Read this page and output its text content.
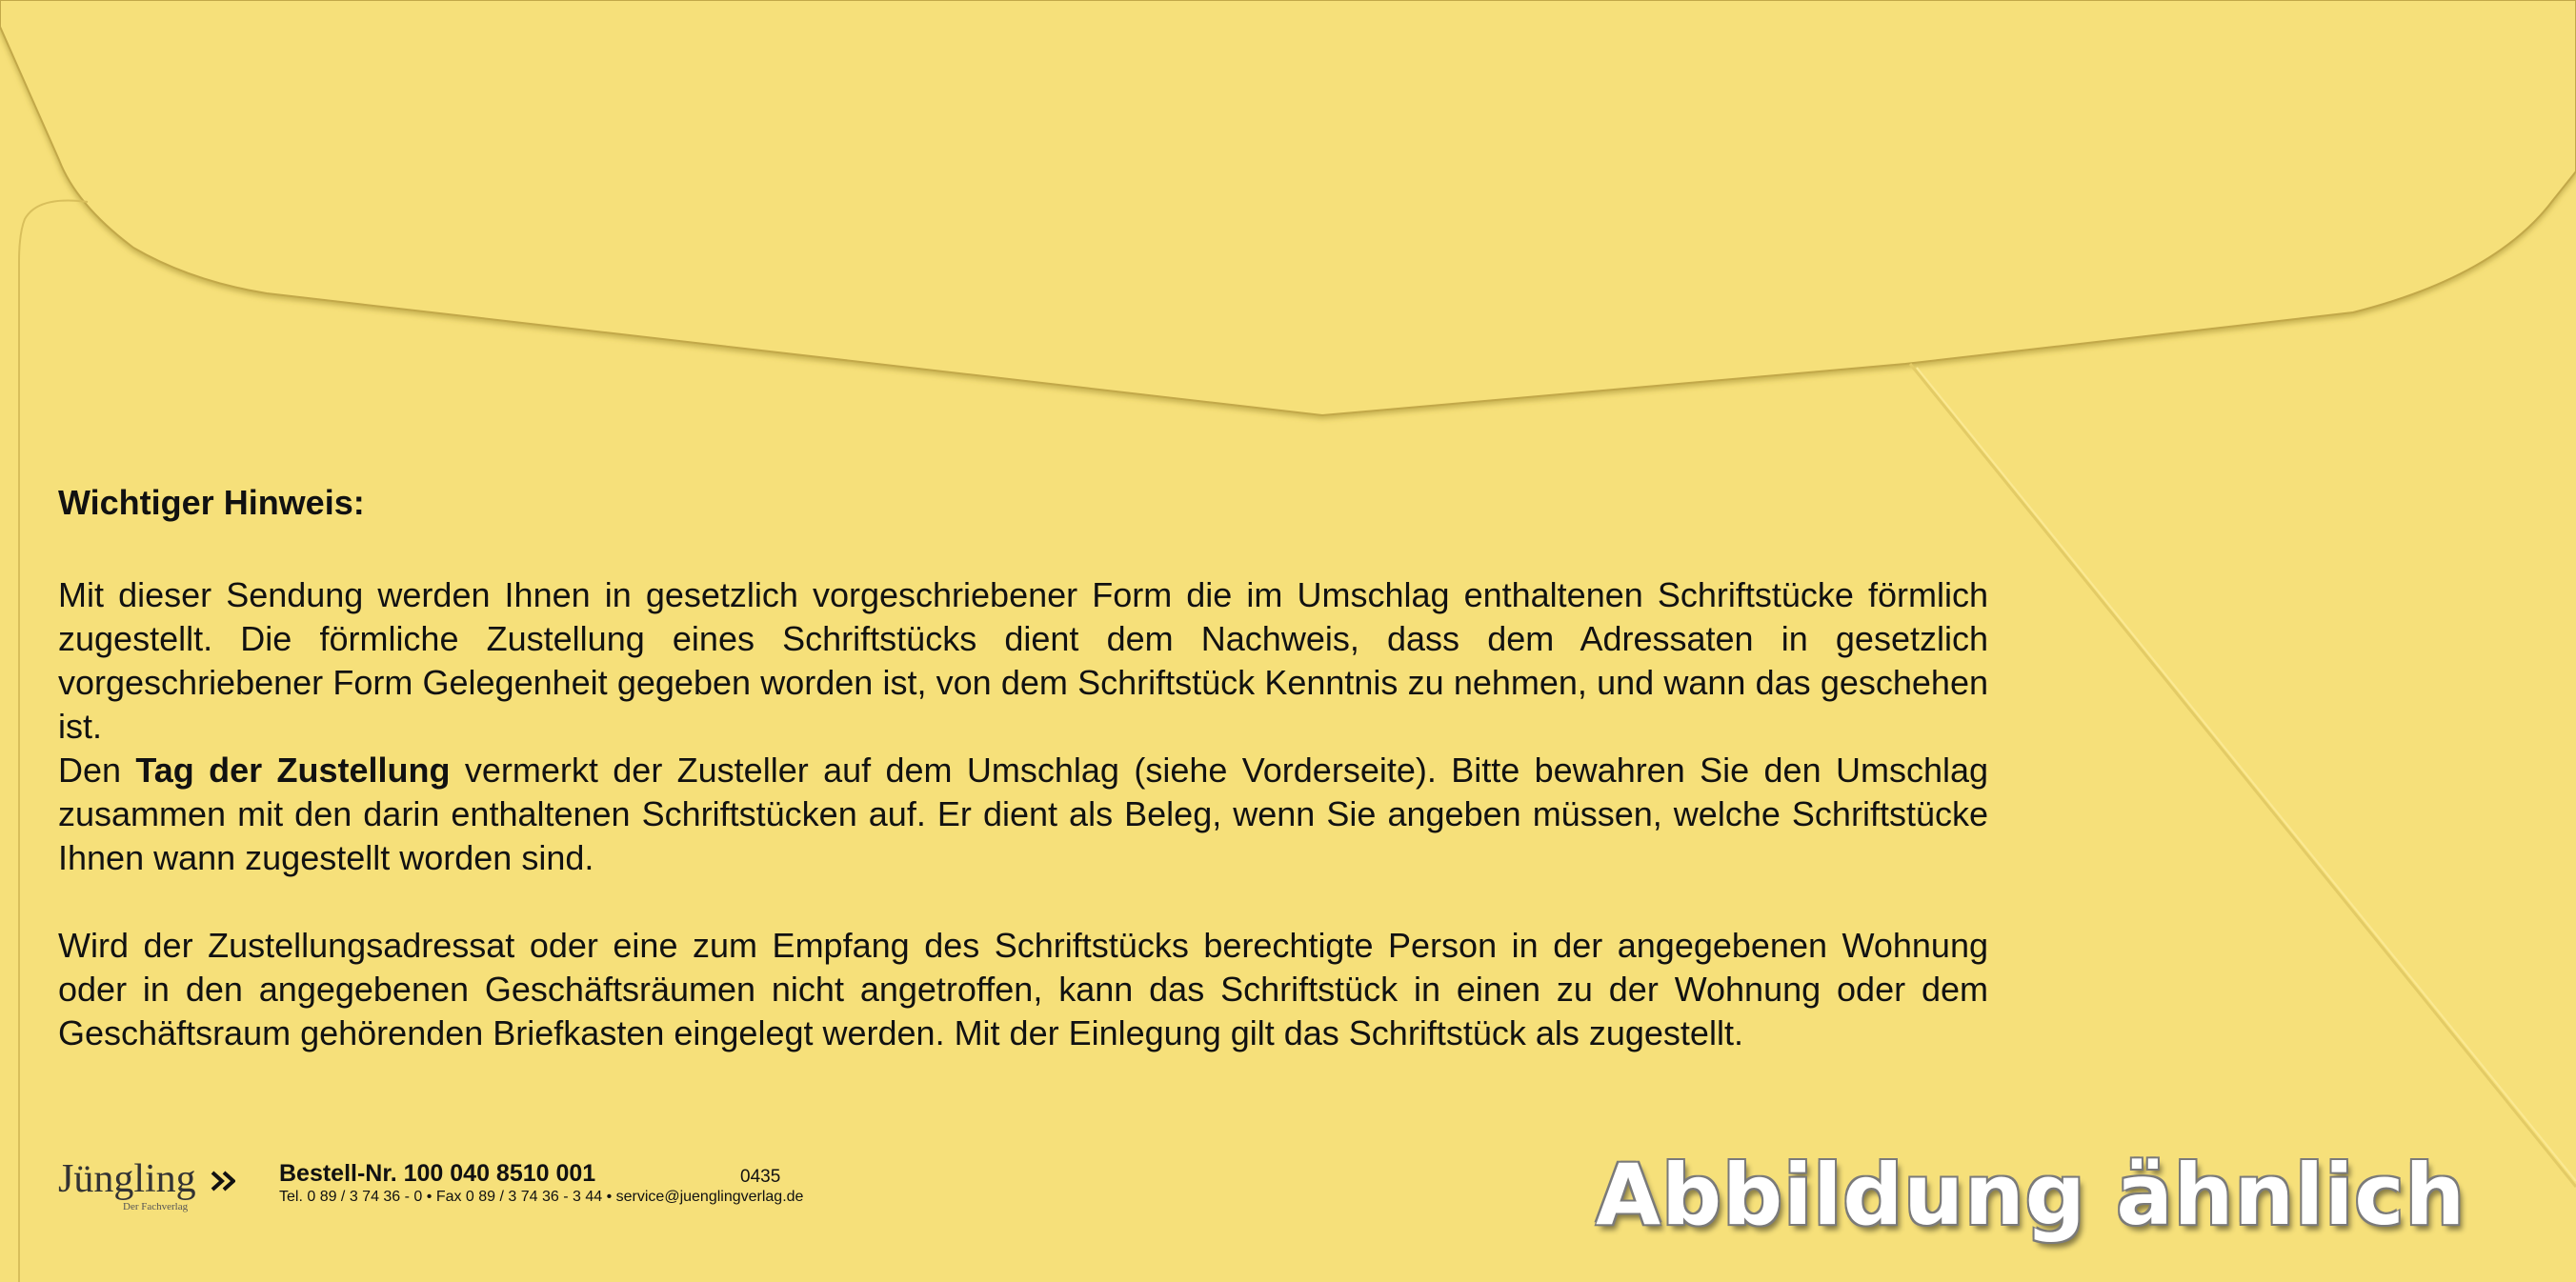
Wichtiger Hinweis:

Mit dieser Sendung werden Ihnen in gesetzlich vorgeschriebener Form die im Umschlag enthaltenen Schriftstücke förmlich zugestellt. Die förmliche Zustellung eines Schriftstücks dient dem Nachweis, dass dem Adressaten in gesetzlich vorgeschriebener Form Gelegenheit gegeben worden ist, von dem Schriftstück Kenntnis zu nehmen, und wann das geschehen ist.

Den Tag der Zustellung vermerkt der Zusteller auf dem Umschlag (siehe Vorderseite). Bitte bewahren Sie den Umschlag zusammen mit den darin enthaltenen Schriftstücken auf. Er dient als Beleg, wenn Sie angeben müssen, welche Schriftstücke Ihnen wann zugestellt worden sind.

Wird der Zustellungsadressat oder eine zum Empfang des Schriftstücks berechtigte Person in der angegebenen Wohnung oder in den angegebenen Geschäftsräumen nicht angetroffen, kann das Schriftstück in einen zu der Wohnung oder dem Geschäftsraum gehörenden Briefkasten eingelegt werden. Mit der Einlegung gilt das Schriftstück als zugestellt.

Jüngling
Der Fachverlag
Bestell-Nr. 100 040 8510 001	0435
Tel. 0 89 / 3 74 36 - 0 • Fax 0 89 / 3 74 36 - 3 44 • service@juenglingverlag.de	Abbildung ähnlich
